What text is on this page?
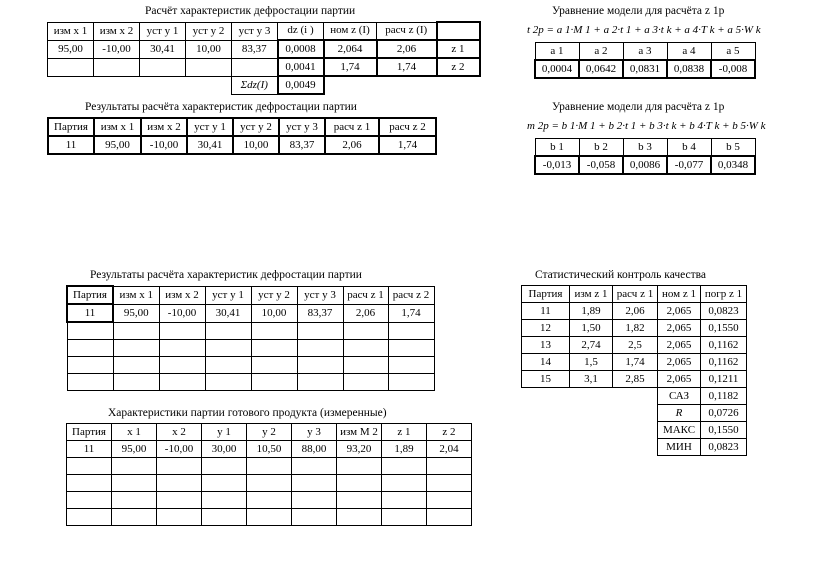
Расчёт характеристик дефростации партии
изм x 1	изм x 2	уст y 1	уст y 2	уст y 3	dz (i )	ном z (I)	расч z (I)	
95,00	-10,00	30,41	10,00	83,37	0,0008	2,064	2,06	z 1
					0,0041	1,74	1,74	z 2
				Σdz(I)	0,0049			
Результаты расчёта характеристик дефростации партии
Партия	изм x 1	изм x 2	уст y 1	уст y 2	уст y 3	расч z 1	расч z 2
11	95,00	-10,00	30,41	10,00	83,37	2,06	1,74
Уравнение модели для расчёта z 1p
t 2p = a 1·M 1 + a 2·t 1 + a 3·t k + a 4·T k + a 5·W k
a 1	a 2	a 3	a 4	a 5
0,0004	0,0642	0,0831	0,0838	-0,008
Уравнение модели для расчёта z 1p
m 2p = b 1·M 1 + b 2·t 1 + b 3·t k + b 4·T k + b 5·W k
b 1	b 2	b 3	b 4	b 5
-0,013	-0,058	0,0086	-0,077	0,0348
Результаты расчёта характеристик дефростации партии
Партия	изм x 1	изм x 2	уст y 1	уст y 2	уст y 3	расч z 1	расч z 2
11	95,00	-10,00	30,41	10,00	83,37	2,06	1,74

Статистический контроль качества
Партия	изм z 1	расч z 1	ном z 1	погр z 1
11	1,89	2,06	2,065	0,0823
12	1,50	1,82	2,065	0,1550
13	2,74	2,5	2,065	0,1162
14	1,5	1,74	2,065	0,1162
15	3,1	2,85	2,065	0,1211
			САЗ	0,1182
			R	0,0726
			МАКС	0,1550
			МИН	0,0823
Характеристики партии готового продукта (измеренные)
Партия	x 1	x 2	y 1	y 2	y 3	изм M 2	z 1	z 2
11	95,00	-10,00	30,00	10,50	88,00	93,20	1,89	2,04
